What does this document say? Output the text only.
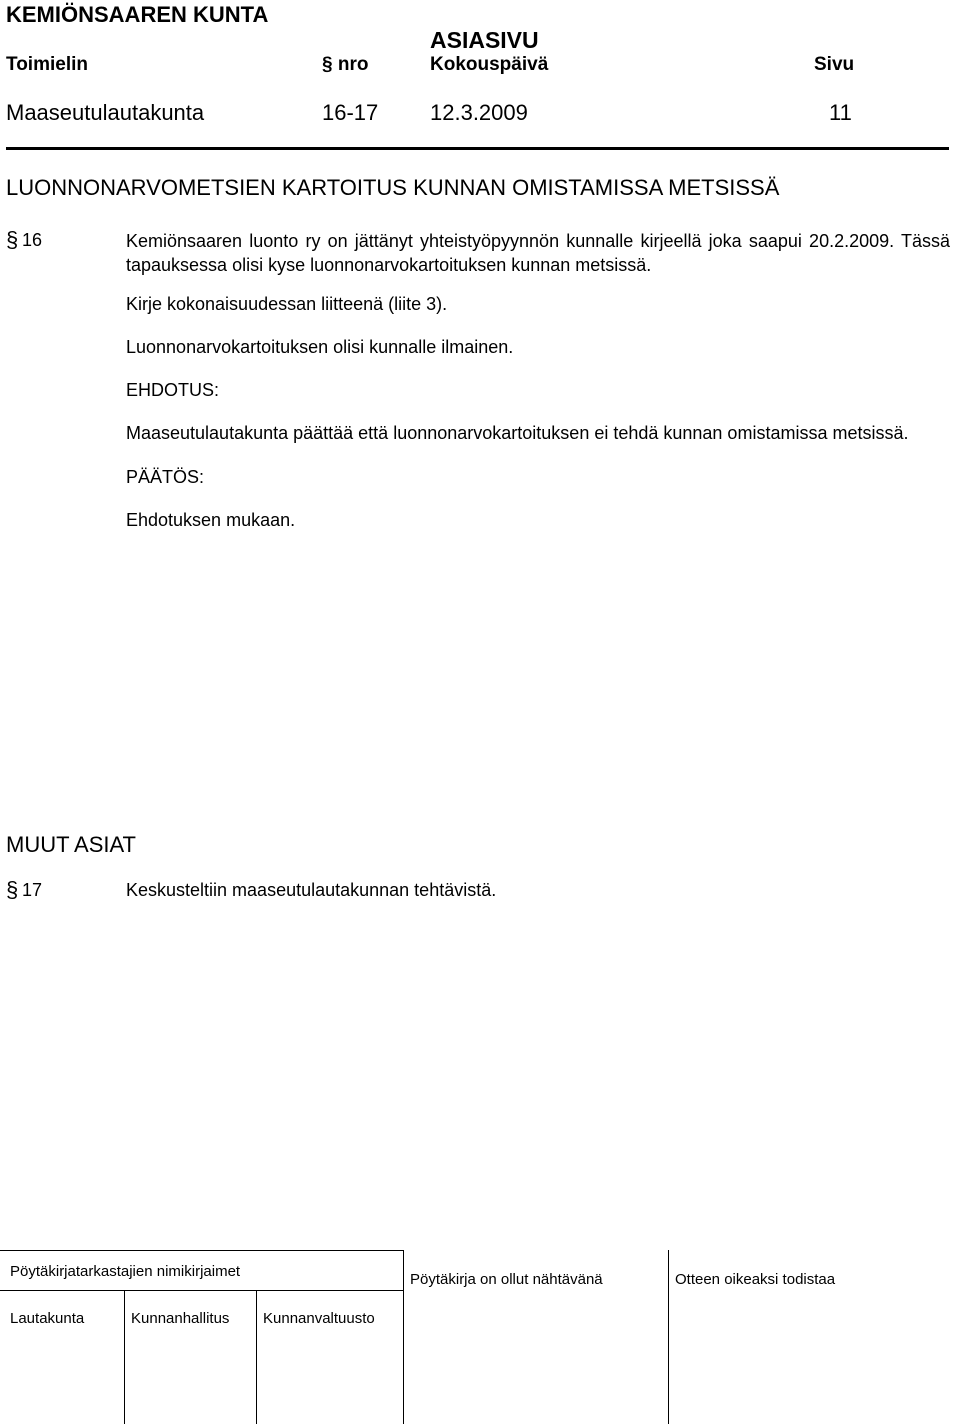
KEMIÖNSAAREN KUNTA
ASIASIVU
Toimielin	§ nro	Kokouspäivä	Sivu
Maaseutulautakunta	16-17 12.3.2009	11
LUONNONARVOMETSIEN KARTOITUS KUNNAN OMISTAMISSA METSISSÄ
§ 16	Kemiönsaaren luonto ry on jättänyt yhteistyöpyynnön kunnalle kirjeellä joka saapui 20.2.2009. Tässä tapauksessa olisi kyse luonnonarvokartoituksen kunnan metsissä.
Kirje kokonaisuudessan liitteenä (liite 3).
Luonnonarvokartoituksen olisi kunnalle ilmainen.
EHDOTUS:
Maaseutulautakunta päättää että luonnonarvokartoituksen ei tehdä kunnan omistamissa metsissä.
PÄÄTÖS:
Ehdotuksen mukaan.
MUUT ASIAT
§ 17	Keskusteltiin maaseutulautakunnan tehtävistä.
Pöytäkirjatarkastajien nimikirjaimet	Pöytäkirja on ollut nähtävänä	Otteen oikeaksi todistaa
Lautakunta	Kunnanhallitus Kunnanvaltuusto
